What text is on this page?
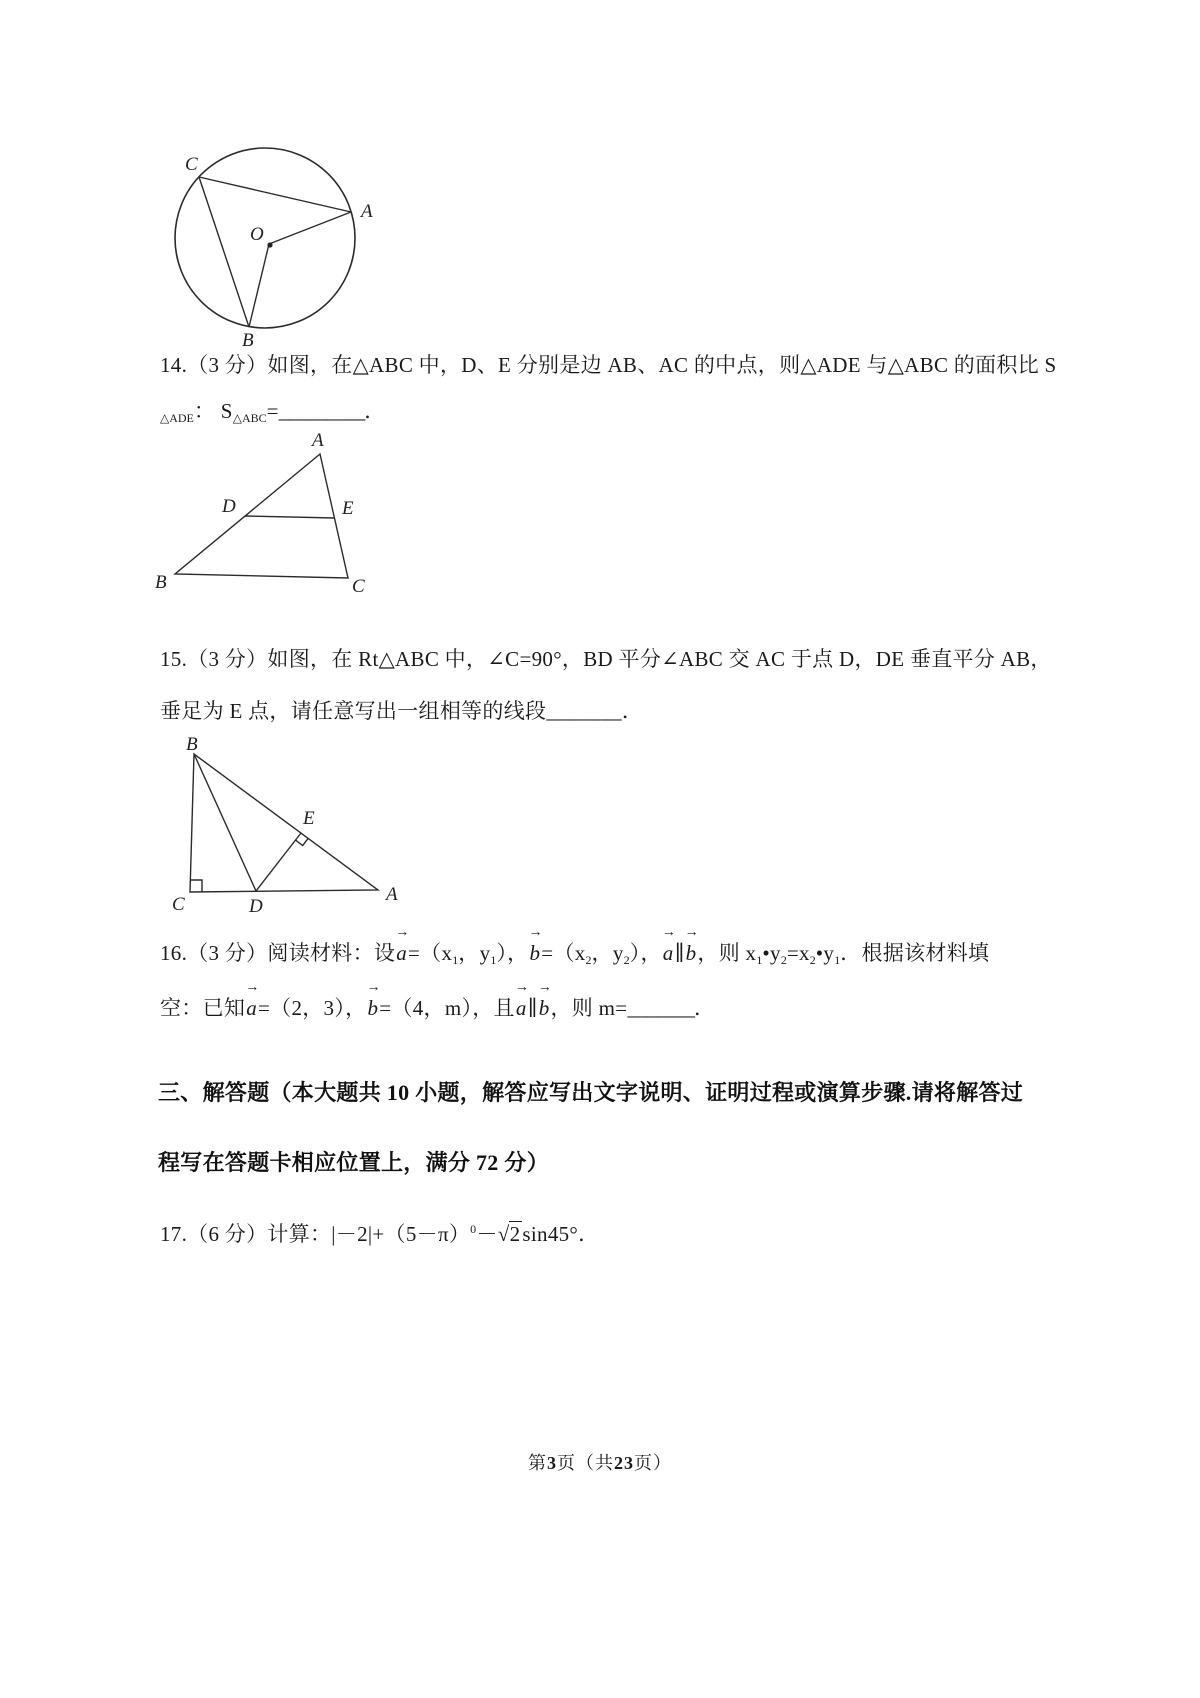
C
A
O
B

14.（3 分）如图，在△ABC 中，D、E 分别是边 AB、AC 的中点，则△ADE 与△ABC 的面积比 S

△ADE： S△ABC=_________．

A
D	E
B	C

15.（3 分）如图，在 Rt△ABC 中，∠C=90°，BD 平分∠ABC 交 AC 于点 D，DE 垂直平分 AB，

垂足为 E 点，请任意写出一组相等的线段_______．

B
E
C	D
A

16.（3 分）阅读材料：设
→
a=（x1，y1），
→
b=（x2，y2），
→
a∥
→
b，则 x1•y2=x2•y1．根据该材料填

空：已知
→
a=（2，3），
→
b=（4，m），且
→
a∥
→
b，则 m=_______．

三、解答题（本大题共 10 小题，解答应写出文字说明、证明过程或演算步骤.请将解答过

程写在答题卡相应位置上，满分 72 分）

17.（6 分）计算：$|-2|+(5-\pi)^0-√2\sin 45^\circ$．

第3页（共23页）
